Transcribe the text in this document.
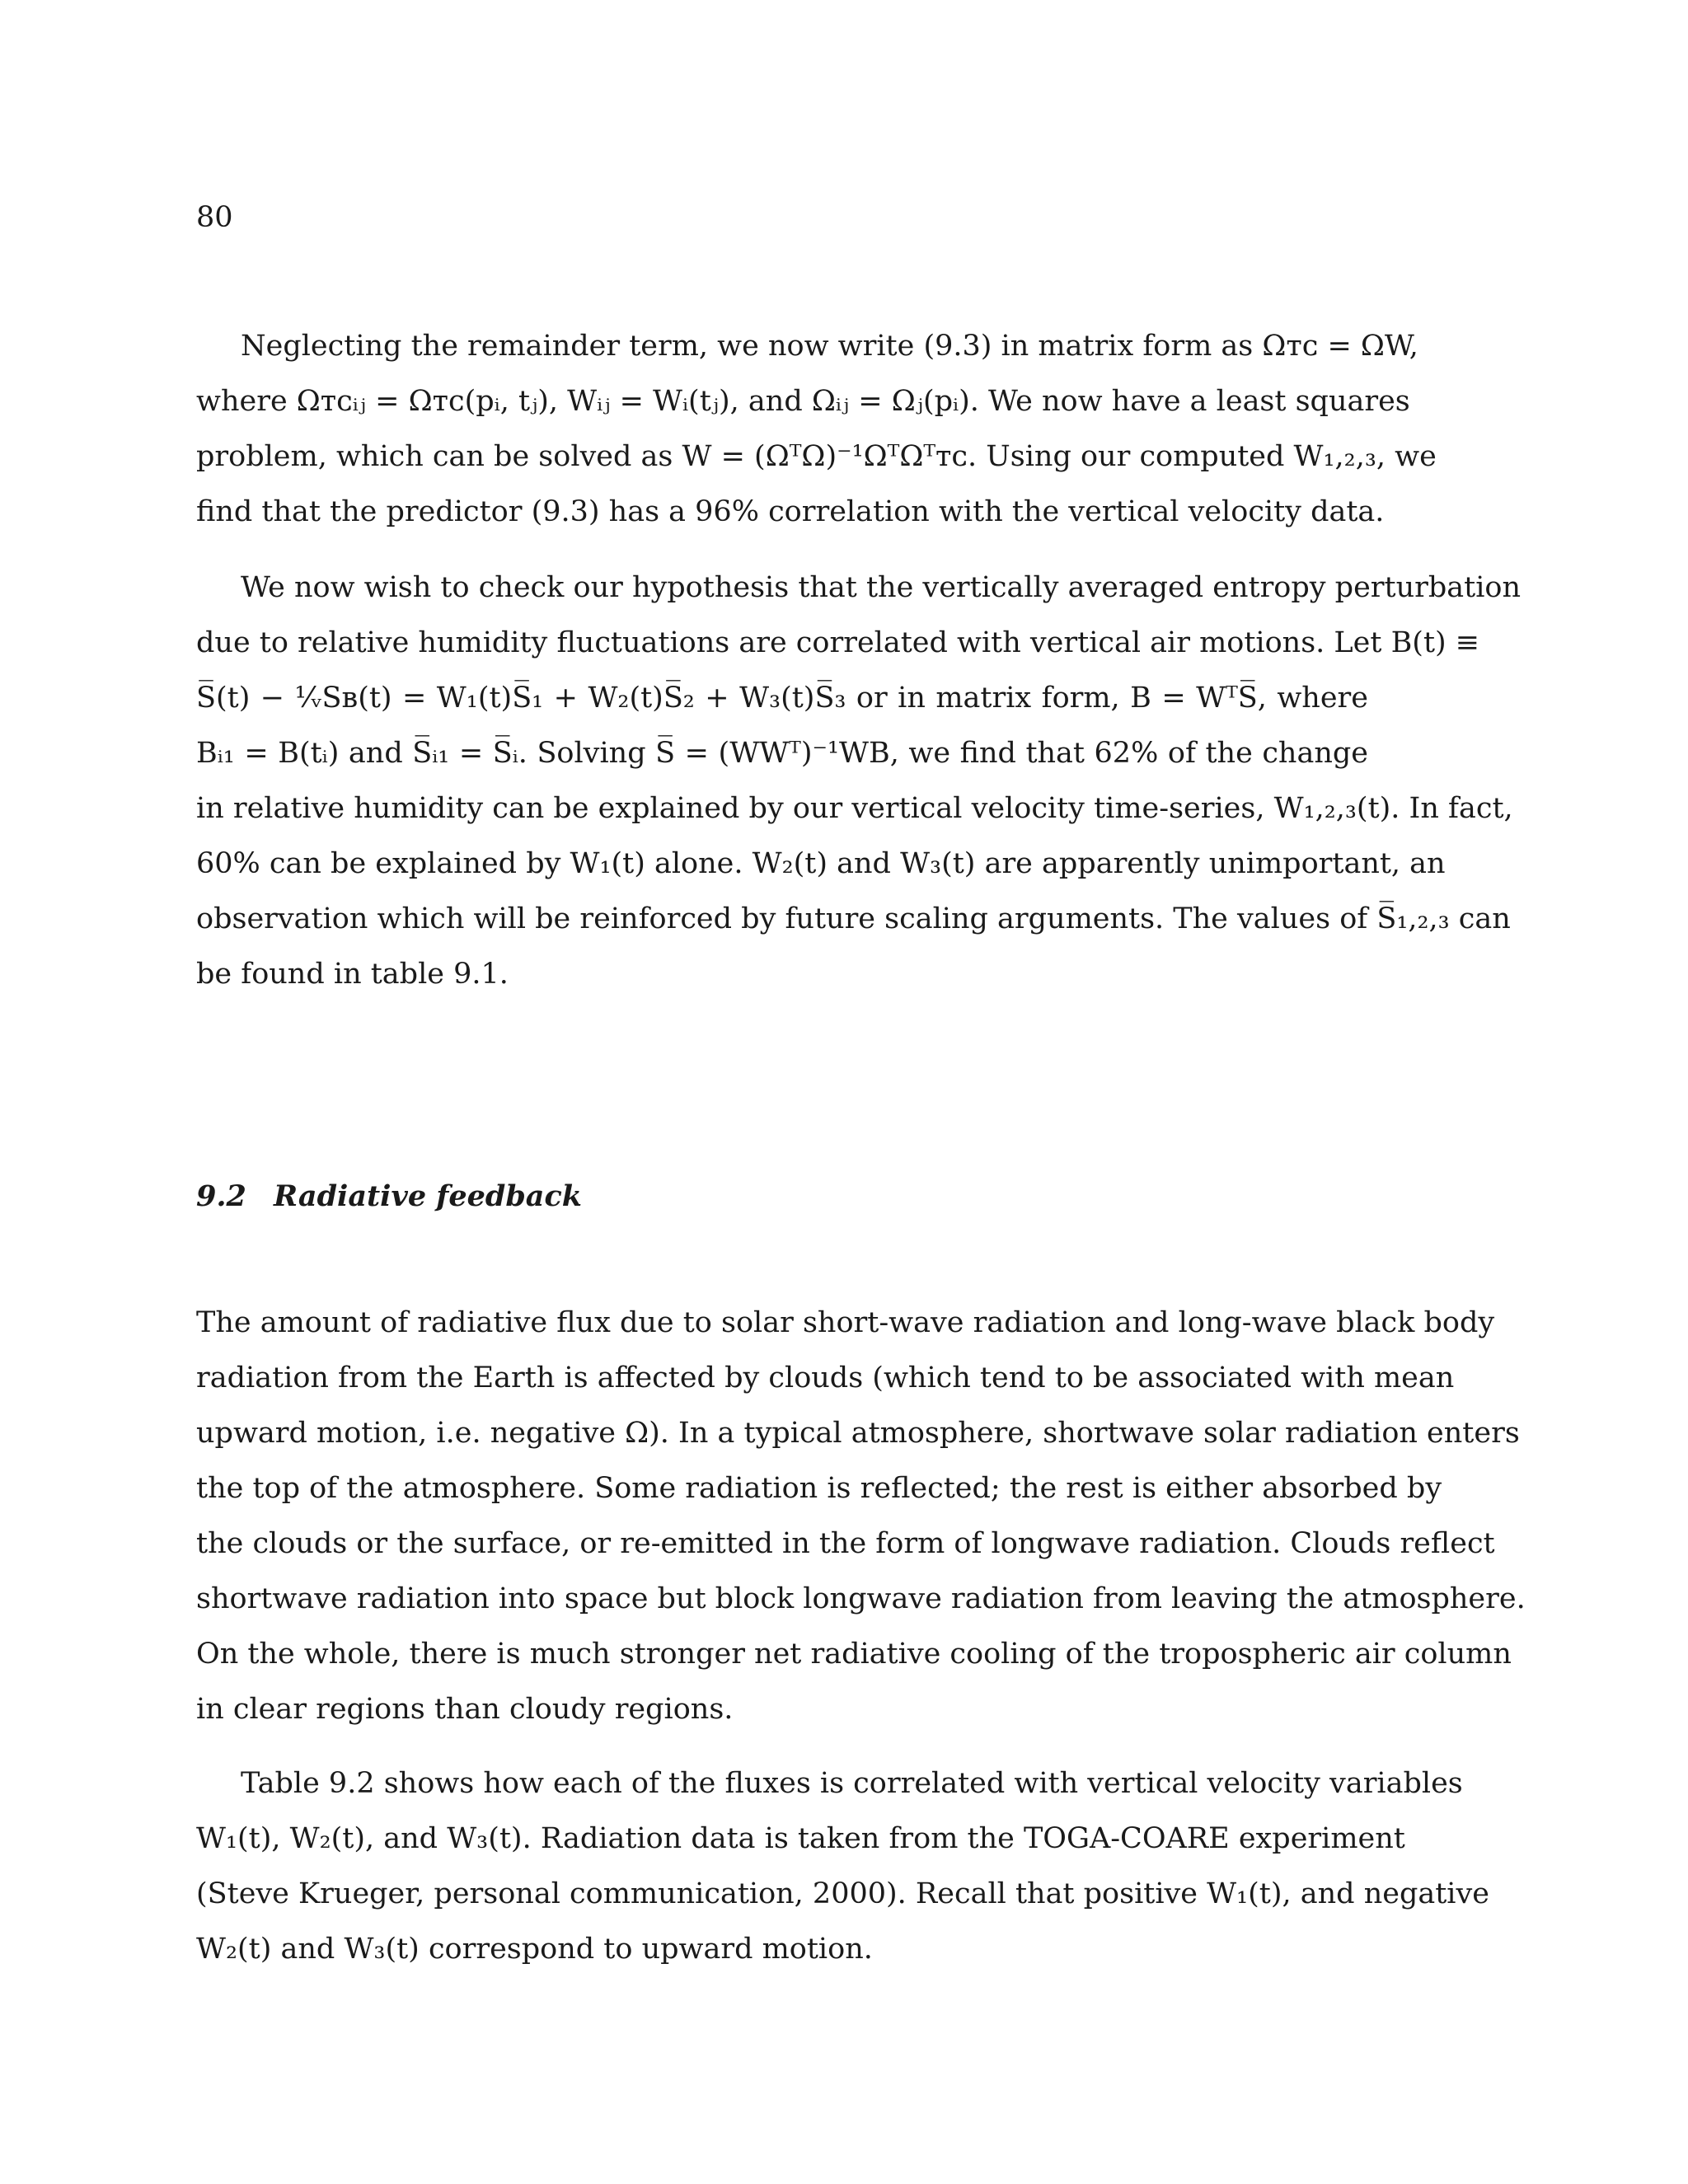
80
Neglecting the remainder term, we now write (9.3) in matrix form as Ωᴛᴄ = ΩW,
where Ωᴛᴄᵢⱼ = Ωᴛᴄ(pᵢ, tⱼ), Wᵢⱼ = Wᵢ(tⱼ), and Ωᵢⱼ = Ωⱼ(pᵢ). We now have a least squares
problem, which can be solved as W = (ΩᵀΩ)⁻¹ΩᵀΩᵀᴛᴄ. Using our computed W₁,₂,₃, we
find that the predictor (9.3) has a 96% correlation with the vertical velocity data.
We now wish to check our hypothesis that the vertically averaged entropy perturbation
due to relative humidity fluctuations are correlated with vertical air motions. Let B(t) ≡
S̅(t) − ¹⁄ᵥSʙ(t) = W₁(t)S̅₁ + W₂(t)S̅₂ + W₃(t)S̅₃ or in matrix form, B = WᵀS̅, where
Bᵢ₁ = B(tᵢ) and S̅ᵢ₁ = S̅ᵢ. Solving S̅ = (WWᵀ)⁻¹WB, we find that 62% of the change
in relative humidity can be explained by our vertical velocity time-series, W₁,₂,₃(t). In fact,
60% can be explained by W₁(t) alone. W₂(t) and W₃(t) are apparently unimportant, an
observation which will be reinforced by future scaling arguments. The values of S̅₁,₂,₃ can
be found in table 9.1.
9.2 Radiative feedback
The amount of radiative flux due to solar short-wave radiation and long-wave black body
radiation from the Earth is affected by clouds (which tend to be associated with mean
upward motion, i.e. negative Ω). In a typical atmosphere, shortwave solar radiation enters
the top of the atmosphere. Some radiation is reflected; the rest is either absorbed by
the clouds or the surface, or re-emitted in the form of longwave radiation. Clouds reflect
shortwave radiation into space but block longwave radiation from leaving the atmosphere.
On the whole, there is much stronger net radiative cooling of the tropospheric air column
in clear regions than cloudy regions.
Table 9.2 shows how each of the fluxes is correlated with vertical velocity variables
W₁(t), W₂(t), and W₃(t). Radiation data is taken from the TOGA-COARE experiment
(Steve Krueger, personal communication, 2000). Recall that positive W₁(t), and negative
W₂(t) and W₃(t) correspond to upward motion.
